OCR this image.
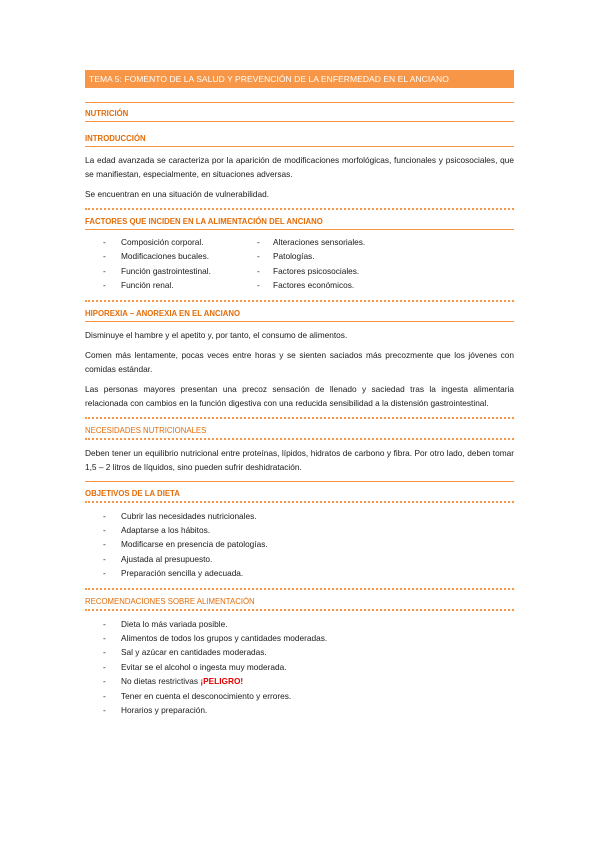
TEMA 5: FOMENTO DE LA SALUD Y PREVENCIÓN DE LA ENFERMEDAD EN EL ANCIANO
NUTRICIÓN
INTRODUCCIÓN

La edad avanzada se caracteriza por la aparición de modificaciones morfológicas, funcionales y psicosociales, que se manifiestan, especialmente, en situaciones adversas.

Se encuentran en una situación de vulnerabilidad.

FACTORES QUE INCIDEN EN LA ALIMENTACIÓN DEL ANCIANO
- Composición corporal.
- Modificaciones bucales.
- Función gastrointestinal.
- Función renal.
- Alteraciones sensoriales.
- Patologías.
- Factores psicosociales.
- Factores económicos.
HIPOREXIA – ANOREXIA EN EL ANCIANO

Disminuye el hambre y el apetito y, por tanto, el consumo de alimentos.

Comen más lentamente, pocas veces entre horas y se sienten saciados más precozmente que los jóvenes con comidas estándar.

Las personas mayores presentan una precoz sensación de llenado y saciedad tras la ingesta alimentaria relacionada con cambios en la función digestiva con una reducida sensibilidad a la distensión gastrointestinal.

NECESIDADES NUTRICIONALES

Deben tener un equilibrio nutricional entre proteínas, lípidos, hidratos de carbono y fibra. Por otro lado, deben tomar 1,5 – 2 litros de líquidos, sino pueden sufrir deshidratación.

OBJETIVOS DE LA DIETA
- Cubrir las necesidades nutricionales.
- Adaptarse a los hábitos.
- Modificarse en presencia de patologías.
- Ajustada al presupuesto.
- Preparación sencilla y adecuada.
RECOMENDACIONES SOBRE ALIMENTACIÓN
- Dieta lo más variada posible.
- Alimentos de todos los grupos y cantidades moderadas.
- Sal y azúcar en cantidades moderadas.
- Evitar se el alcohol o ingesta muy moderada.
- No dietas restrictivas ¡PELIGRO!
- Tener en cuenta el desconocimiento y errores.
- Horarios y preparación.
